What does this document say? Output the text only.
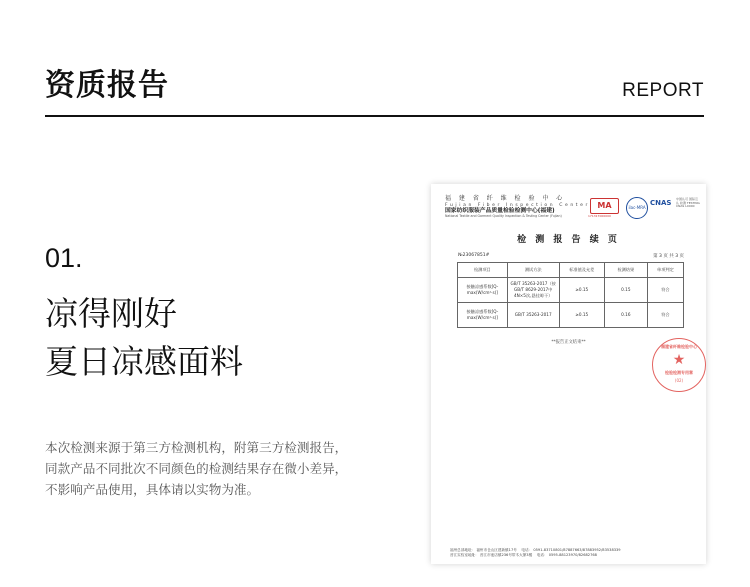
资质报告	REPORT
01.
凉得刚好
夏日凉感面料

本次检测来源于第三方检测机构，附第三方检测报告，
同款产品不同批次不同颜色的检测结果存在微小差异，
不影响产品使用，具体请以实物为准。

福 建 省 纤 维 检 验 中 心
Fujian Fiber Inspection Center
国家纺织服装产品质量检验检测中心(福建)
National Textile and Garment Quality Inspection & Testing Center (Fujian)
MA
171317000000
ilac-MRA
CNAS 中国认可 国际互认 检测 TESTING CNAS L0000
检 测 报 告 续 页
№23067851#	第 3 页 共 3 页
检测项目	测试方法	标准值及允差	检测结果	单项判定
接触凉感系数[Q-max(W/cm²·s)]	GB/T 35263-2017（按GB/T 8629-2017中4N×5次,悬挂晾干）	≥0.15	0.15	符合
接触凉感系数[Q-max(W/cm²·s)]	GB/T 35263-2017	≥0.15	0.16	符合
**报告正文结束**
福建省纤维检验中心
★
检验检测专用章
(02)
福州总部地址： 福州市仓山区建新镇17号 电话： 0591-83710801/87887663/87883952/83538339
晋江实验室地址： 晋江市池店镇236号带木大厦3楼 电话： 0595-88123970/82682768
